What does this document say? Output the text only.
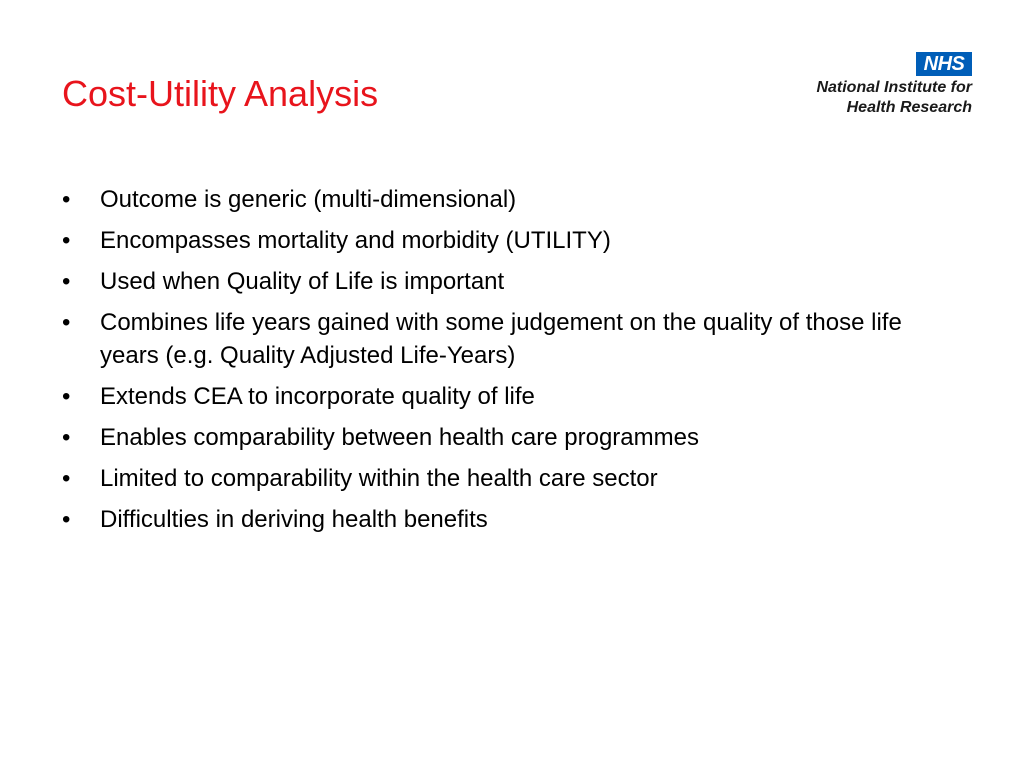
Cost-Utility Analysis
NHS
National Institute for
Health Research
•	Outcome is generic (multi-dimensional)
•	Encompasses mortality and morbidity (UTILITY)
•	Used when Quality of Life is important
•	Combines life years gained with some judgement on the quality of those life years (e.g. Quality Adjusted Life-Years)
•	Extends CEA to incorporate quality of life
•	Enables comparability between health care programmes
•	Limited to comparability within the health care sector
•	Difficulties in deriving health benefits
